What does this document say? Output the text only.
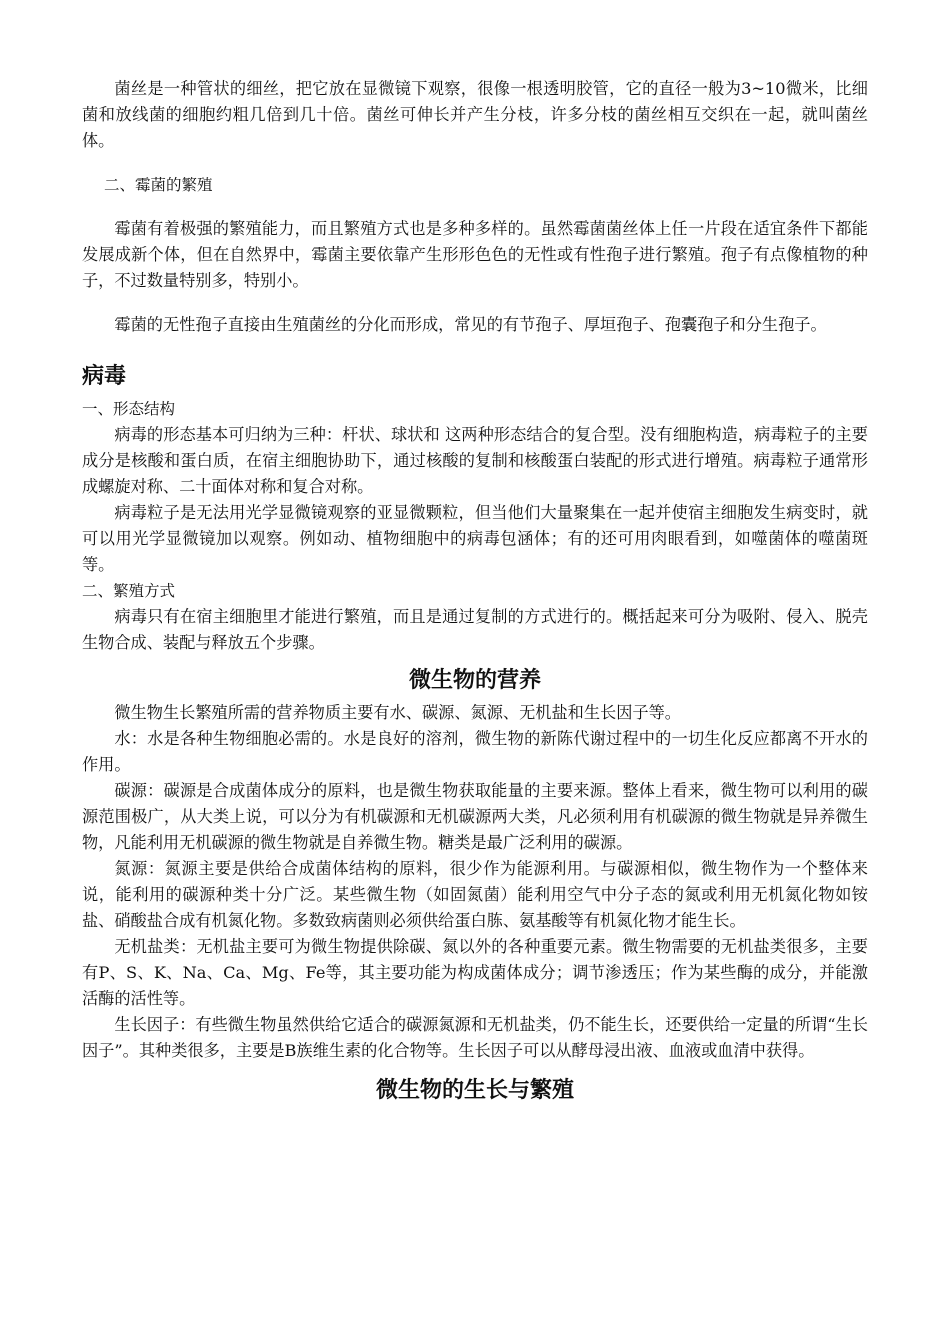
菌丝是一种管状的细丝，把它放在显微镜下观察，很像一根透明胶管，它的直径一般为3~10微米，比细菌和放线菌的细胞约粗几倍到几十倍。菌丝可伸长并产生分枝，许多分枝的菌丝相互交织在一起，就叫菌丝体。

二、霉菌的繁殖

霉菌有着极强的繁殖能力，而且繁殖方式也是多种多样的。虽然霉菌菌丝体上任一片段在适宜条件下都能发展成新个体，但在自然界中，霉菌主要依靠产生形形色色的无性或有性孢子进行繁殖。孢子有点像植物的种子，不过数量特别多，特别小。

霉菌的无性孢子直接由生殖菌丝的分化而形成，常见的有节孢子、厚垣孢子、孢囊孢子和分生孢子。

病毒

一、形态结构

病毒的形态基本可归纳为三种：杆状、球状和 这两种形态结合的复合型。没有细胞构造，病毒粒子的主要成分是核酸和蛋白质，在宿主细胞协助下，通过核酸的复制和核酸蛋白装配的形式进行增殖。病毒粒子通常形成螺旋对称、二十面体对称和复合对称。

病毒粒子是无法用光学显微镜观察的亚显微颗粒，但当他们大量聚集在一起并使宿主细胞发生病变时，就可以用光学显微镜加以观察。例如动、植物细胞中的病毒包涵体；有的还可用肉眼看到，如噬菌体的噬菌斑等。

二、繁殖方式

病毒只有在宿主细胞里才能进行繁殖，而且是通过复制的方式进行的。概括起来可分为吸附、侵入、脱壳生物合成、装配与释放五个步骤。

微生物的营养

微生物生长繁殖所需的营养物质主要有水、碳源、氮源、无机盐和生长因子等。

水：水是各种生物细胞必需的。水是良好的溶剂，微生物的新陈代谢过程中的一切生化反应都离不开水的作用。

碳源：碳源是合成菌体成分的原料，也是微生物获取能量的主要来源。整体上看来，微生物可以利用的碳源范围极广，从大类上说，可以分为有机碳源和无机碳源两大类，凡必须利用有机碳源的微生物就是异养微生物，凡能利用无机碳源的微生物就是自养微生物。糖类是最广泛利用的碳源。

氮源：氮源主要是供给合成菌体结构的原料，很少作为能源利用。与碳源相似，微生物作为一个整体来说，能利用的碳源种类十分广泛。某些微生物（如固氮菌）能利用空气中分子态的氮或利用无机氮化物如铵盐、硝酸盐合成有机氮化物。多数致病菌则必须供给蛋白胨、氨基酸等有机氮化物才能生长。

无机盐类：无机盐主要可为微生物提供除碳、氮以外的各种重要元素。微生物需要的无机盐类很多，主要有P、S、K、Na、Ca、Mg、Fe等，其主要功能为构成菌体成分；调节渗透压；作为某些酶的成分，并能激活酶的活性等。

生长因子：有些微生物虽然供给它适合的碳源氮源和无机盐类，仍不能生长，还要供给一定量的所谓“生长因子”。其种类很多，主要是B族维生素的化合物等。生长因子可以从酵母浸出液、血液或血清中获得。

微生物的生长与繁殖
